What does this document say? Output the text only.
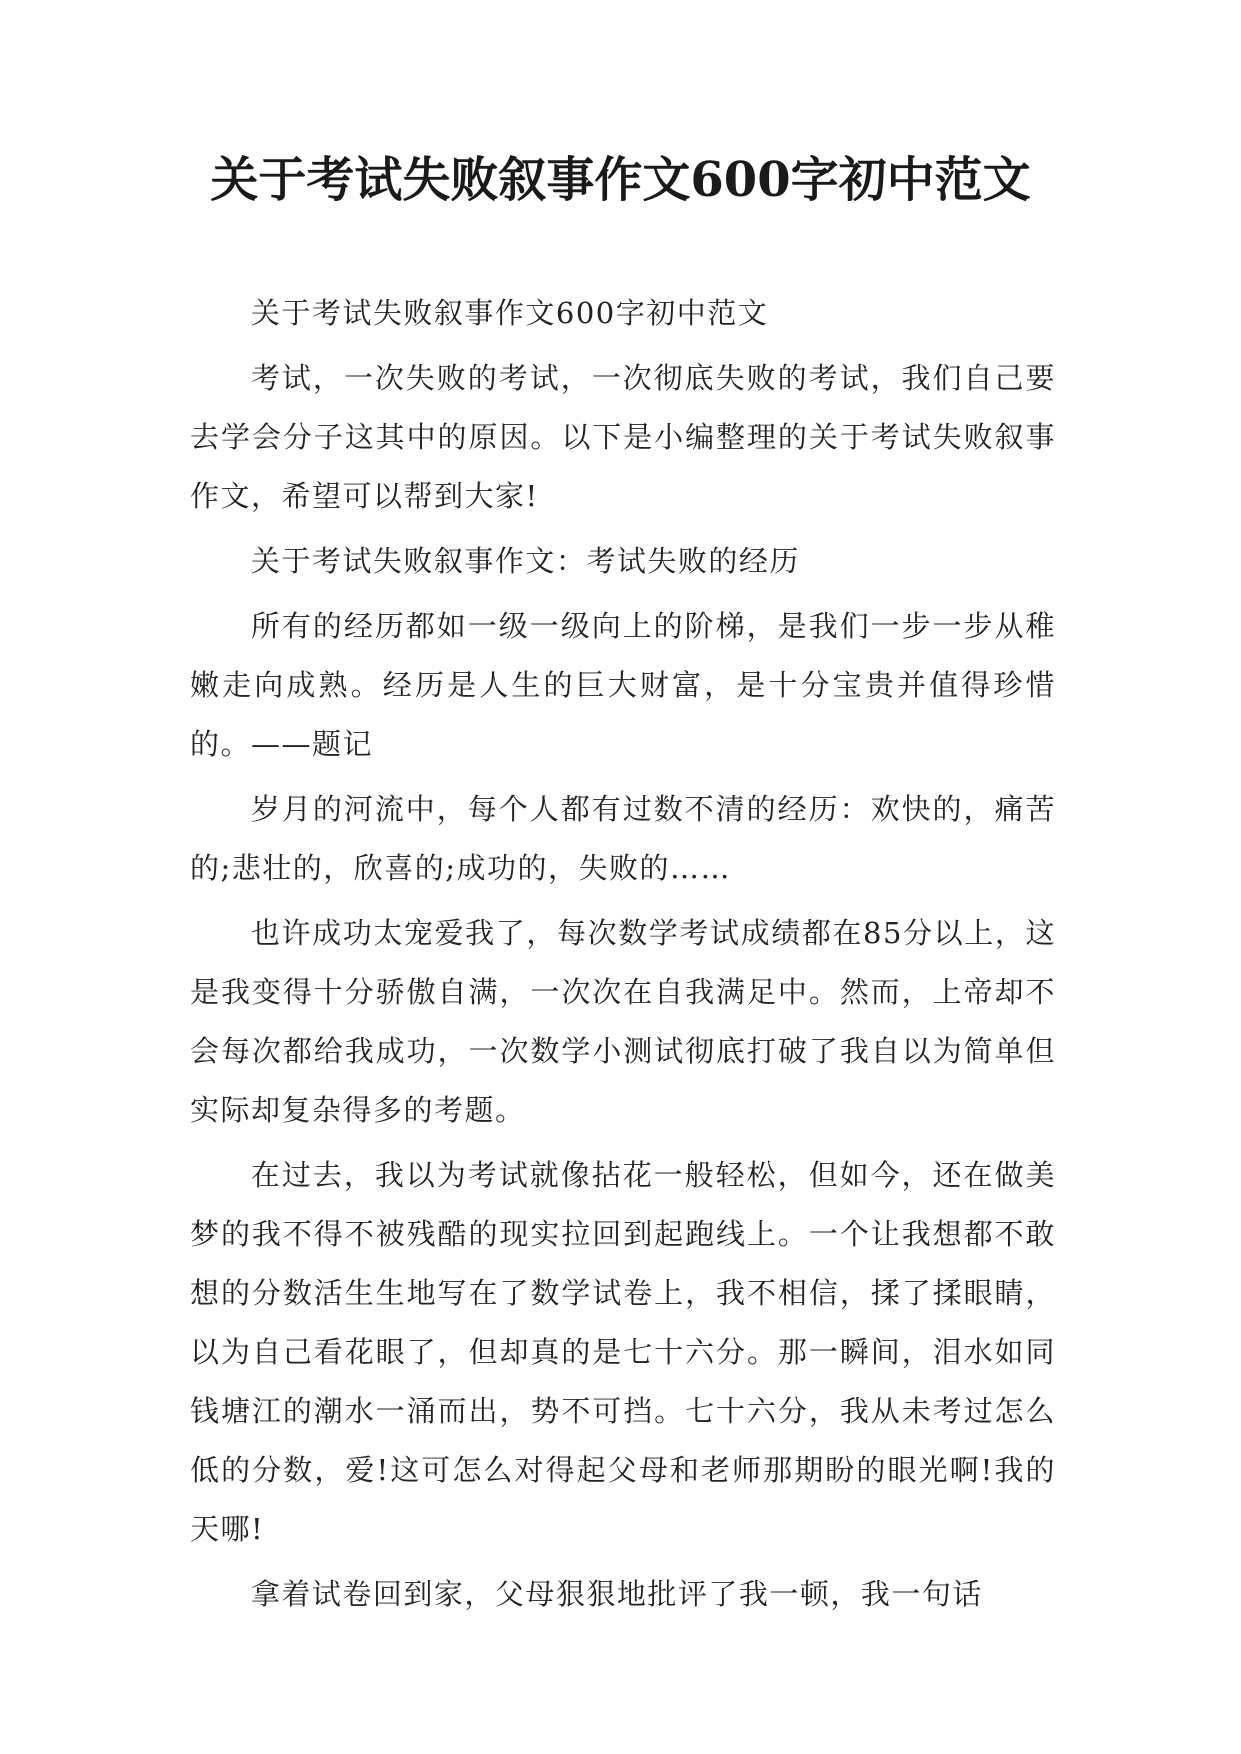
关于考试失败叙事作文600字初中范文

关于考试失败叙事作文600字初中范文

考试，一次失败的考试，一次彻底失败的考试，我们自己要去学会分子这其中的原因。以下是小编整理的关于考试失败叙事作文，希望可以帮到大家!

关于考试失败叙事作文：考试失败的经历

所有的经历都如一级一级向上的阶梯，是我们一步一步从稚嫩走向成熟。经历是人生的巨大财富，是十分宝贵并值得珍惜的。——题记

岁月的河流中，每个人都有过数不清的经历：欢快的，痛苦的;悲壮的，欣喜的;成功的，失败的……

也许成功太宠爱我了，每次数学考试成绩都在85分以上，这是我变得十分骄傲自满，一次次在自我满足中。然而，上帝却不会每次都给我成功，一次数学小测试彻底打破了我自以为简单但实际却复杂得多的考题。

在过去，我以为考试就像拈花一般轻松，但如今，还在做美梦的我不得不被残酷的现实拉回到起跑线上。一个让我想都不敢想的分数活生生地写在了数学试卷上，我不相信，揉了揉眼睛，以为自己看花眼了，但却真的是七十六分。那一瞬间，泪水如同钱塘江的潮水一涌而出，势不可挡。七十六分，我从未考过怎么低的分数，爱!这可怎么对得起父母和老师那期盼的眼光啊!我的天哪!

拿着试卷回到家，父母狠狠地批评了我一顿，我一句话
